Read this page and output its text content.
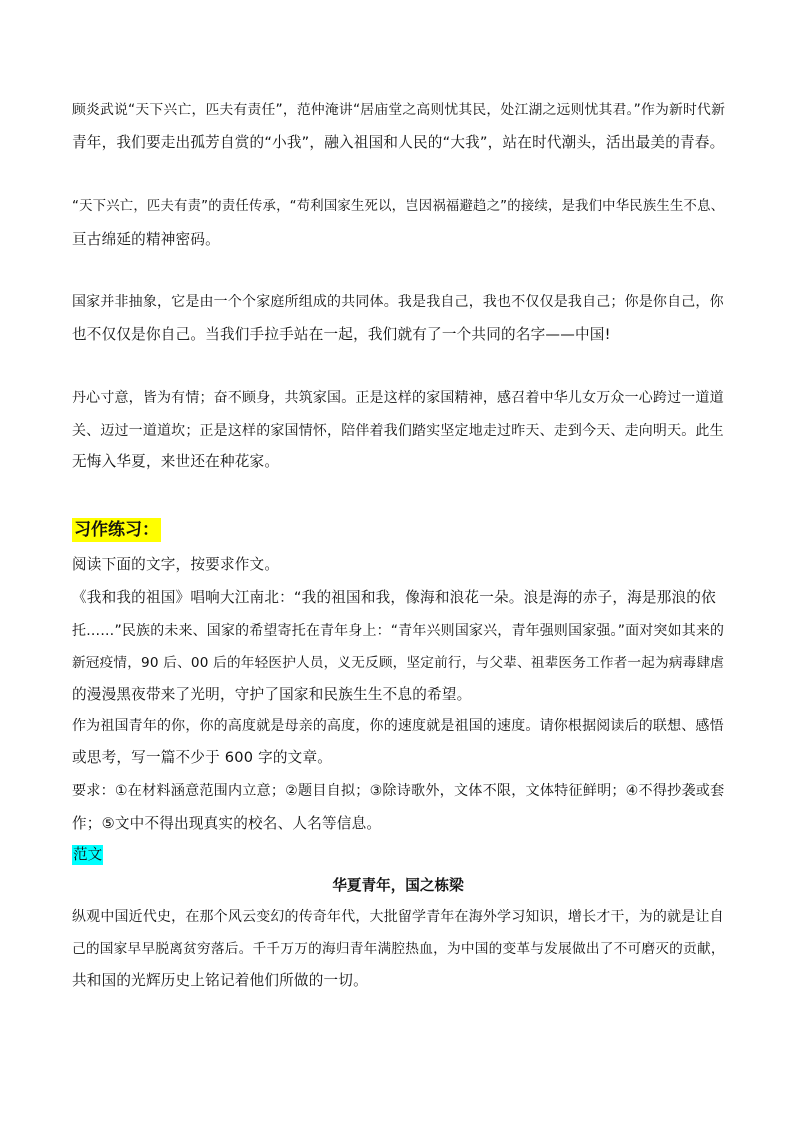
顾炎武说“天下兴亡，匹夫有责任”，范仲淹讲“居庙堂之高则忧其民，处江湖之远则忧其君。”作为新时代新
青年，我们要走出孤芳自赏的“小我”，融入祖国和人民的“大我”，站在时代潮头，活出最美的青春。
“天下兴亡，匹夫有责”的责任传承，“苟利国家生死以，岂因祸福避趋之”的接续，是我们中华民族生生不息、
亘古绵延的精神密码。
国家并非抽象，它是由一个个家庭所组成的共同体。我是我自己，我也不仅仅是我自己；你是你自己，你
也不仅仅是你自己。当我们手拉手站在一起，我们就有了一个共同的名字——中国!
丹心寸意，皆为有情；奋不顾身，共筑家国。正是这样的家国精神，感召着中华儿女万众一心跨过一道道
关、迈过一道道坎；正是这样的家国情怀，陪伴着我们踏实坚定地走过昨天、走到今天、走向明天。此生
无悔入华夏，来世还在种花家。
习作练习：
阅读下面的文字，按要求作文。
《我和我的祖国》唱响大江南北：“我的祖国和我，像海和浪花一朵。浪是海的赤子，海是那浪的依
托……”民族的未来、国家的希望寄托在青年身上：“青年兴则国家兴，青年强则国家强。”面对突如其来的
新冠疫情，90 后、00 后的年轻医护人员，义无反顾，坚定前行，与父辈、祖辈医务工作者一起为病毒肆虐
的漫漫黑夜带来了光明，守护了国家和民族生生不息的希望。
作为祖国青年的你，你的高度就是母亲的高度，你的速度就是祖国的速度。请你根据阅读后的联想、感悟
或思考，写一篇不少于 600 字的文章。
要求：①在材料涵意范围内立意；②题目自拟；③除诗歌外，文体不限，文体特征鲜明；④不得抄袭或套
作；⑤文中不得出现真实的校名、人名等信息。
范文
华夏青年，国之栋梁
纵观中国近代史，在那个风云变幻的传奇年代，大批留学青年在海外学习知识，增长才干，为的就是让自
己的国家早早脱离贫穷落后。千千万万的海归青年满腔热血，为中国的变革与发展做出了不可磨灭的贡献，
共和国的光辉历史上铭记着他们所做的一切。
